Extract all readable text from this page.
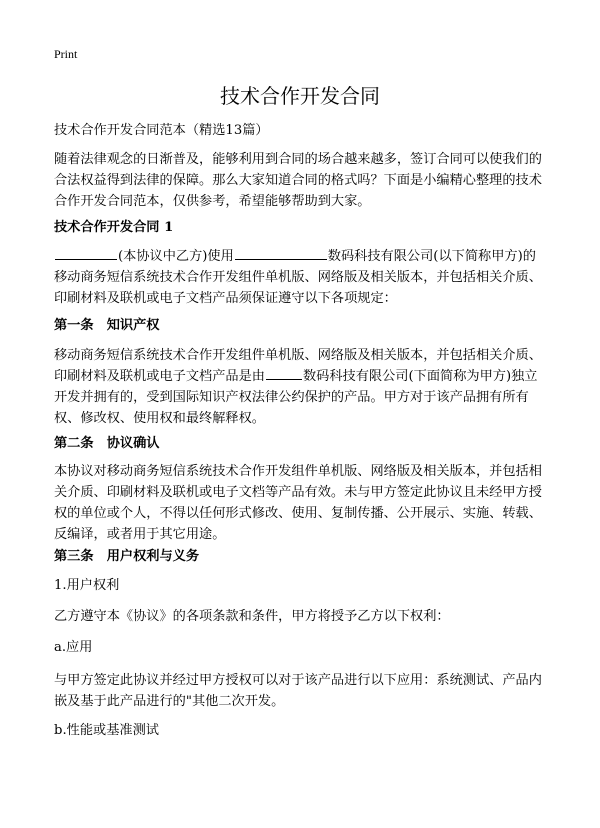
Print
技术合作开发合同

技术合作开发合同范本（精选13篇）

随着法律观念的日渐普及，能够利用到合同的场合越来越多，签订合同可以使我们的合法权益得到法律的保障。那么大家知道合同的格式吗？下面是小编精心整理的技术合作开发合同范本，仅供参考，希望能够帮助到大家。

技术合作开发合同 1

(本协议中乙方)使用	数码科技有限公司(以下简称甲方)的移动商务短信系统技术合作开发组件单机版、网络版及相关版本，并包括相关介质、印刷材料及联机或电子文档产品须保证遵守以下各项规定：

第一条　知识产权

移动商务短信系统技术合作开发组件单机版、网络版及相关版本，并包括相关介质、印刷材料及联机或电子文档产品是由	数码科技有限公司(下面简称为甲方)独立开发并拥有的，受到国际知识产权法律公约保护的产品。甲方对于该产品拥有所有权、修改权、使用权和最终解释权。

第二条　协议确认

本协议对移动商务短信系统技术合作开发组件单机版、网络版及相关版本，并包括相关介质、印刷材料及联机或电子文档等产品有效。未与甲方签定此协议且未经甲方授权的单位或个人，不得以任何形式修改、使用、复制传播、公开展示、实施、转载、反编译，或者用于其它用途。

第三条　用户权利与义务
1.用户权利
乙方遵守本《协议》的各项条款和条件，甲方将授予乙方以下权利：
a.应用

与甲方签定此协议并经过甲方授权可以对于该产品进行以下应用：系统测试、产品内嵌及基于此产品进行的"其他二次开发。

b.性能或基准测试
